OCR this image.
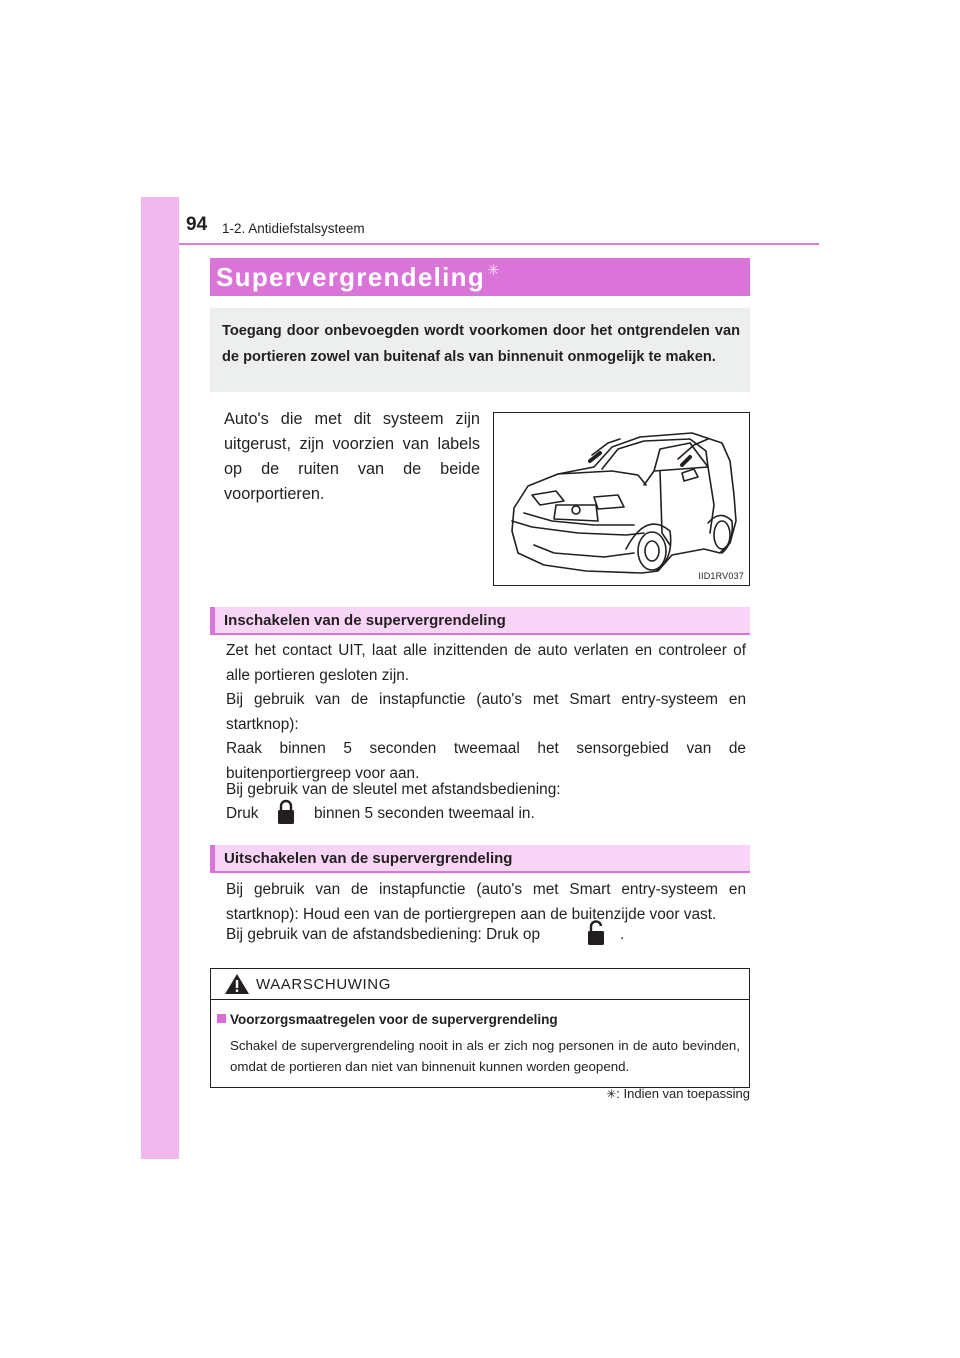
94 1-2. Antidiefstalsysteem
Supervergrendeling ✳
Toegang door onbevoegden wordt voorkomen door het ontgrendelen van de portieren zowel van buitenaf als van binnenuit onmogelijk te maken.
Auto's die met dit systeem zijn uitgerust, zijn voorzien van labels op de ruiten van de beide voorportieren.
IID1RV037
Inschakelen van de supervergrendeling
Zet het contact UIT, laat alle inzittenden de auto verlaten en controleer of alle portieren gesloten zijn.
Bij gebruik van de instapfunctie (auto's met Smart entry-systeem en startknop):
Raak binnen 5 seconden tweemaal het sensorgebied van de buitenportiergreep voor aan.
Bij gebruik van de sleutel met afstandsbediening:
Druk	binnen 5 seconden tweemaal in.
Uitschakelen van de supervergrendeling
Bij gebruik van de instapfunctie (auto's met Smart entry-systeem en startknop): Houd een van de portiergrepen aan de buitenzijde voor vast.
Bij gebruik van de afstandsbediening: Druk op	.
WAARSCHUWING
Voorzorgsmaatregelen voor de supervergrendeling
Schakel de supervergrendeling nooit in als er zich nog personen in de auto bevinden, omdat de portieren dan niet van binnenuit kunnen worden geopend.
✳: Indien van toepassing
